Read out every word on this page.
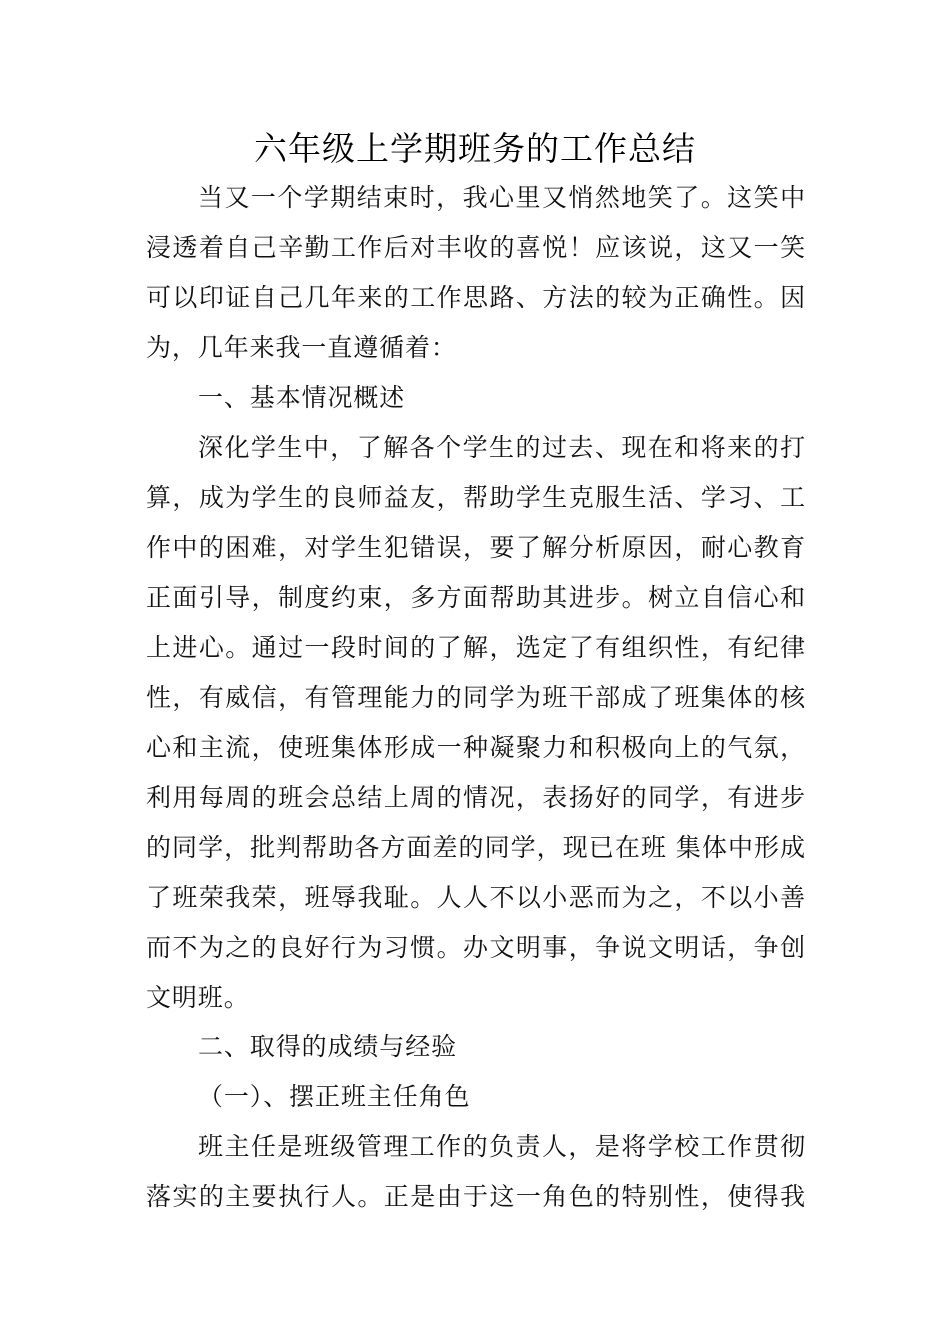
六年级上学期班务的工作总结
当又一个学期结束时，我心里又悄然地笑了。这笑中
浸透着自己辛勤工作后对丰收的喜悦！应该说，这又一笑
可以印证自己几年来的工作思路、方法的较为正确性。因
为，几年来我一直遵循着：
一、基本情况概述
深化学生中，了解各个学生的过去、现在和将来的打
算，成为学生的良师益友，帮助学生克服生活、学习、工
作中的困难，对学生犯错误，要了解分析原因，耐心教育
正面引导，制度约束，多方面帮助其进步。树立自信心和
上进心。通过一段时间的了解，选定了有组织性，有纪律
性，有威信，有管理能力的同学为班干部成了班集体的核
心和主流，使班集体形成一种凝聚力和积极向上的气氛，
利用每周的班会总结上周的情况，表扬好的同学，有进步
的同学，批判帮助各方面差的同学，现已在班 集体中形成
了班荣我荣，班辱我耻。人人不以小恶而为之，不以小善
而不为之的良好行为习惯。办文明事，争说文明话，争创
文明班。
二、取得的成绩与经验
（一）、摆正班主任角色
班主任是班级管理工作的负责人，是将学校工作贯彻
落实的主要执行人。正是由于这一角色的特别性，使得我
